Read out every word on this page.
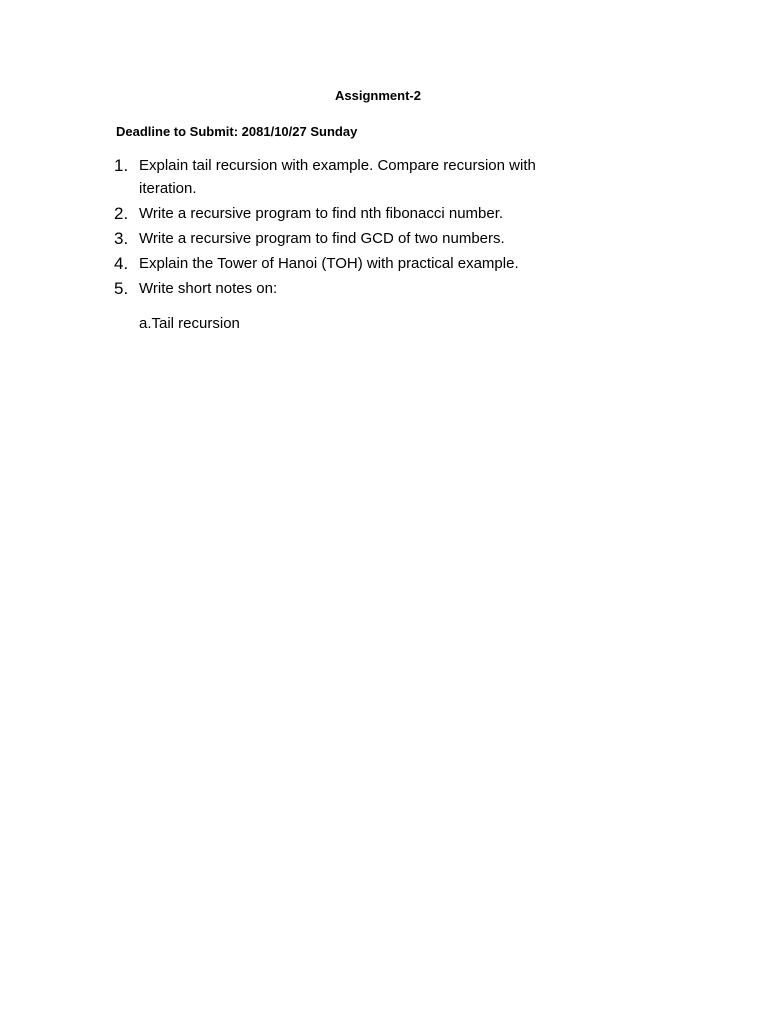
Assignment-2
Deadline to Submit: 2081/10/27 Sunday
1. Explain tail recursion with example. Compare recursion with iteration.
2. Write a recursive program to find nth fibonacci number.
3. Write a recursive program to find GCD of two numbers.
4. Explain the Tower of Hanoi (TOH) with practical example.
5. Write short notes on:
a.Tail recursion
